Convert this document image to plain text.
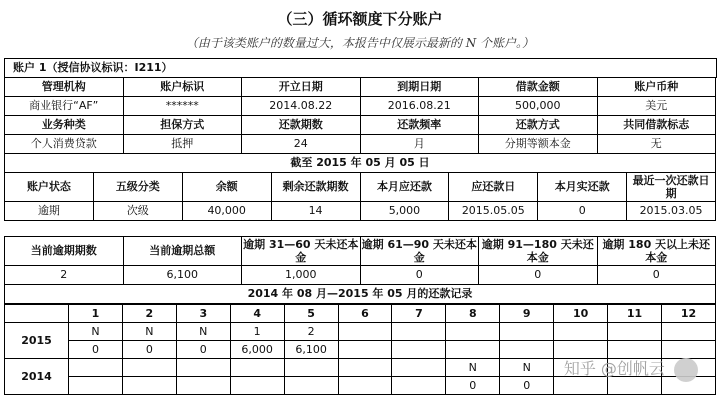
（三）循环额度下分账户
（由于该类账户的数量过大，本报告中仅展示最新的 N 个账户。）
账户 1（授信协议标识：I211）
管理机构	账户标识	开立日期	到期日期	借款金额	账户币种
商业银行“AF”	******	2014.08.22	2016.08.21	500,000	美元
业务种类	担保方式	还款期数	还款频率	还款方式	共同借款标志
个人消费贷款	抵押	24	月	分期等额本金	无
截至 2015 年 05 月 05 日					
账户状态	五级分类	余额	剩余还款期数	本月应还款	应还款日	本月实还款	最近一次还款日期
逾期	次级	40,000	14	5,000	2015.05.05	0	2015.03.05
当前逾期期数	当前逾期总额	逾期 31—60 天未还本金	逾期 61—90 天未还本金	逾期 91—180 天未还本金	逾期 180 天以上未还本金
2	6,100	1,000	0	0	0
2014 年 08 月—2015 年 05 月的还款记录					
	1	2	3	4	5	6	7	8	9	10	11	12
2015	N	N	N	1	2							
	0	0	0	6,000	6,100							
2014								N	N			
								0	0			
知乎 @创帆云
